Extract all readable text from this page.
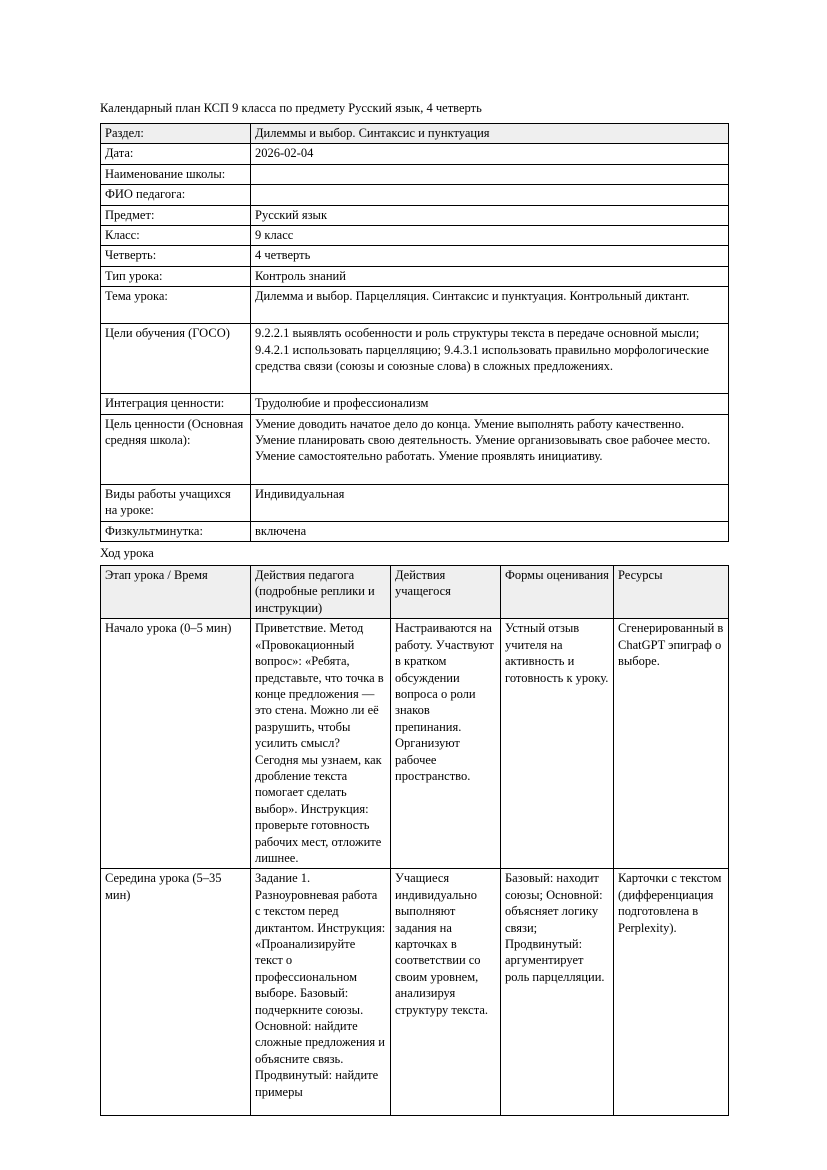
Календарный план КСП 9 класса по предмету Русский язык, 4 четверть

Раздел:	Дилеммы и выбор. Синтаксис и пунктуация
Дата:	2026-02-04
Наименование школы:	
ФИО педагога:	
Предмет:	Русский язык
Класс:	9 класс
Четверть:	4 четверть
Тип урока:	Контроль знаний
Тема урока:	Дилемма и выбор. Парцелляция. Синтаксис и пунктуация. Контрольный диктант.
Цели обучения (ГОСО)	9.2.2.1 выявлять особенности и роль структуры текста в передаче основной мысли; 9.4.2.1 использовать парцелляцию; 9.4.3.1 использовать правильно морфологические средства связи (союзы и союзные слова) в сложных предложениях.
Интеграция ценности:	Трудолюбие и профессионализм
Цель ценности (Основная средняя школа):	Умение доводить начатое дело до конца. Умение выполнять работу качественно. Умение планировать свою деятельность. Умение организовывать свое рабочее место. Умение самостоятельно работать. Умение проявлять инициативу.
Виды работы учащихся на уроке:	Индивидуальная
Физкультминутка:	включена

Ход урока

Этап урока / Время	Действия педагога (подробные реплики и инструкции)	Действия учащегося	Формы оценивания	Ресурсы
Начало урока (0–5 мин)	Приветствие. Метод «Провокационный вопрос»: «Ребята, представьте, что точка в конце предложения — это стена. Можно ли её разрушить, чтобы усилить смысл? Сегодня мы узнаем, как дробление текста помогает сделать выбор». Инструкция: проверьте готовность рабочих мест, отложите лишнее.	Настраиваются на работу. Участвуют в кратком обсуждении вопроса о роли знаков препинания. Организуют рабочее пространство.	Устный отзыв учителя на активность и готовность к уроку.	Сгенерированный в ChatGPT эпиграф о выборе.
Середина урока (5–35 мин)	Задание 1. Разноуровневая работа с текстом перед диктантом. Инструкция: «Проанализируйте текст о профессиональном выборе. Базовый: подчеркните союзы. Основной: найдите сложные предложения и объясните связь. Продвинутый: найдите примеры	Учащиеся индивидуально выполняют задания на карточках в соответствии со своим уровнем, анализируя структуру текста.	Базовый: находит союзы; Основной: объясняет логику связи; Продвинутый: аргументирует роль парцелляции.	Карточки с текстом (дифференциация подготовлена в Perplexity).
